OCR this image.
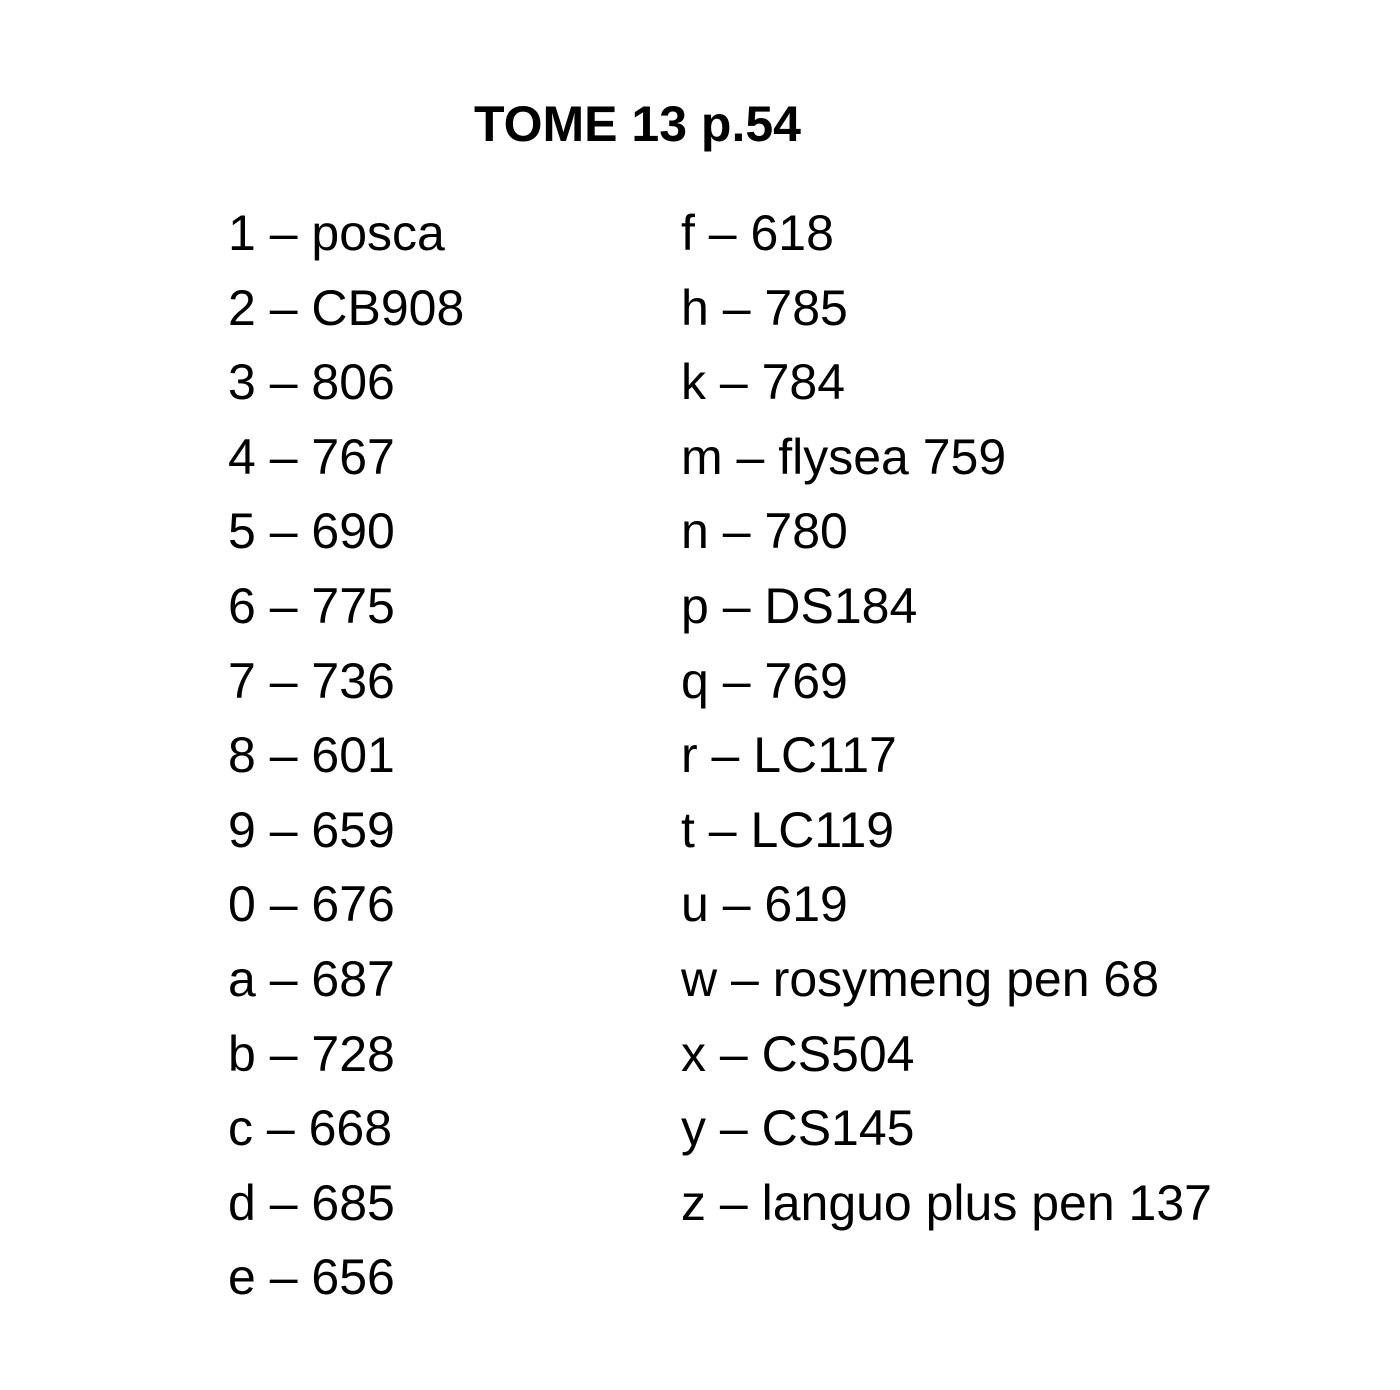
TOME 13 p.54
1 – posca
2 – CB908
3 – 806
4 – 767
5 – 690
6 – 775
7 – 736
8 – 601
9 – 659
0 – 676
a – 687
b – 728
c – 668
d – 685
e – 656
f – 618
h – 785
k – 784
m – flysea 759
n – 780
p – DS184
q – 769
r – LC117
t – LC119
u – 619
w – rosymeng pen 68
x – CS504
y – CS145
z – languo plus pen 137
